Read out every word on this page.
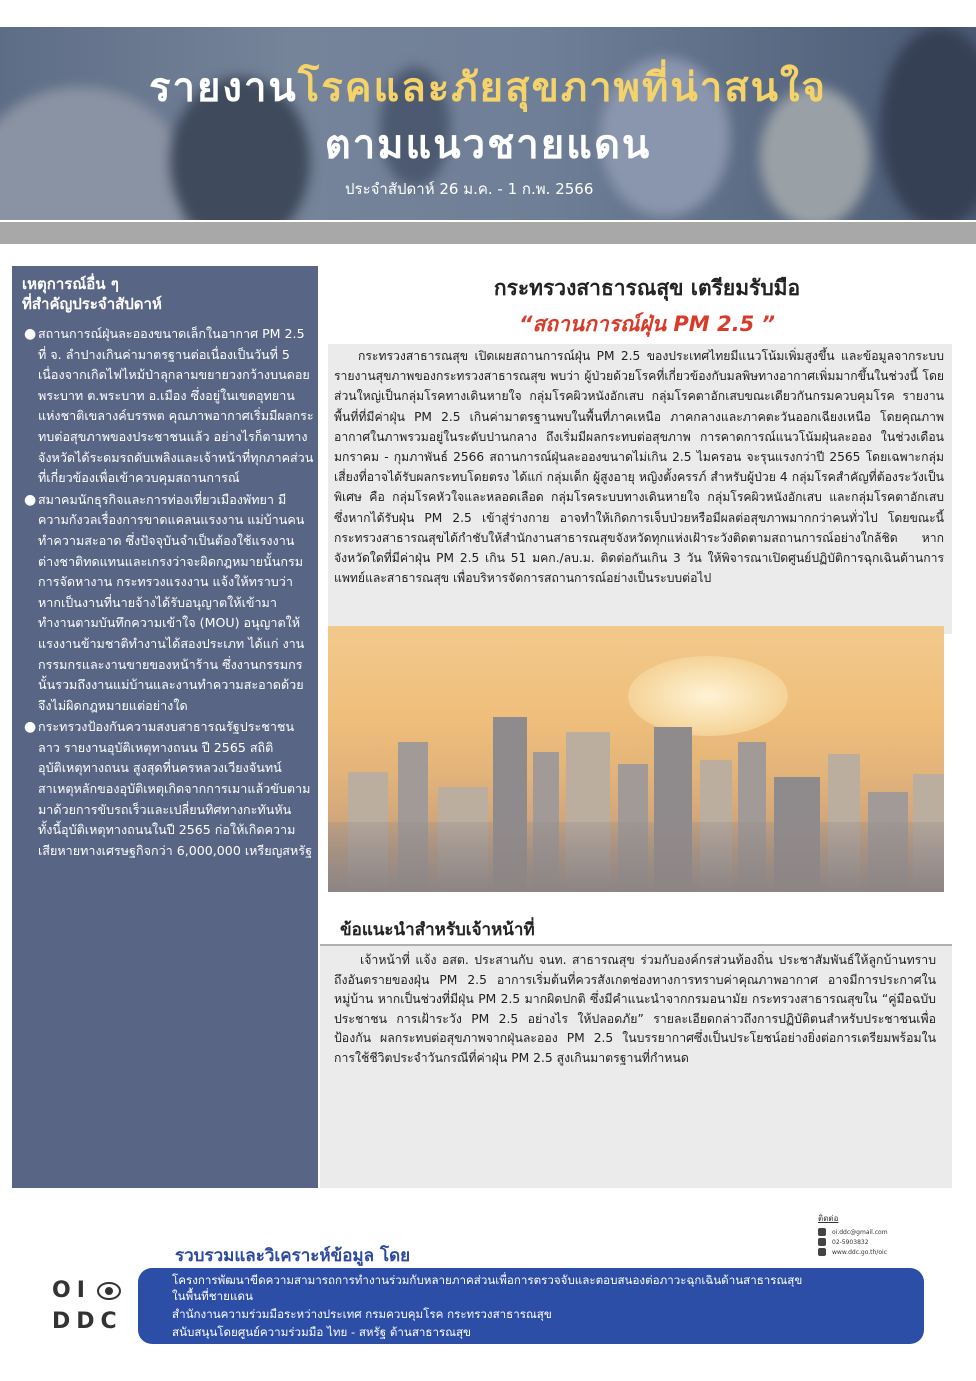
รายงานโรคและภัยสุขภาพที่น่าสนใจ
ตามแนวชายแดน
ประจำสัปดาห์ 26 ม.ค. - 1 ก.พ. 2566
เหตุการณ์อื่น ๆ
ที่สำคัญประจำสัปดาห์
● สถานการณ์ฝุ่นละอองขนาดเล็กในอากาศ PM 2.5 ที่ จ. ลำปางเกินค่ามาตรฐานต่อเนื่องเป็นวันที่ 5 เนื่องจากเกิดไฟไหม้ป่าลุกลามขยายวงกว้างบนดอยพระบาท ต.พระบาท อ.เมือง ซึ่งอยู่ในเขตอุทยานแห่งชาติเขลางค์บรรพต คุณภาพอากาศเริ่มมีผลกระทบต่อสุขภาพของประชาชนแล้ว อย่างไรก็ตามทางจังหวัดได้ระดมรถดับเพลิงและเจ้าหน้าที่ทุกภาคส่วนที่เกี่ยวข้องเพื่อเข้าควบคุมสถานการณ์
● สมาคมนักธุรกิจและการท่องเที่ยวเมืองพัทยา มีความกังวลเรื่องการขาดแคลนแรงงาน แม่บ้านคนทำความสะอาด ซึ่งปัจจุบันจำเป็นต้องใช้แรงงานต่างชาติทดแทนและเกรงว่าจะผิดกฎหมายนั้นกรมการจัดหางาน กระทรวงแรงงาน แจ้งให้ทราบว่าหากเป็นงานที่นายจ้างได้รับอนุญาตให้เข้ามาทำงานตามบันทึกความเข้าใจ (MOU) อนุญาตให้แรงงานข้ามชาติทำงานได้สองประเภท ได้แก่ งานกรรมกรและงานขายของหน้าร้าน ซึ่งงานกรรมกรนั้นรวมถึงงานแม่บ้านและงานทำความสะอาดด้วยจึงไม่ผิดกฎหมายแต่อย่างใด
● กระทรวงป้องกันความสงบสาธารณรัฐประชาชนลาว รายงานอุบัติเหตุทางถนน ปี 2565 สถิติอุบัติเหตุทางถนน สูงสุดที่นครหลวงเวียงจันทน์ สาเหตุหลักของอุบัติเหตุเกิดจากการเมาแล้วขับตามมาด้วยการขับรถเร็วและเปลี่ยนทิศทางกะทันหันทั้งนี้อุบัติเหตุทางถนนในปี 2565 ก่อให้เกิดความเสียหายทางเศรษฐกิจกว่า 6,000,000 เหรียญสหรัฐ
กระทรวงสาธารณสุข เตรียมรับมือ
“สถานการณ์ฝุ่น PM 2.5 ”

กระทรวงสาธารณสุข เปิดเผยสถานการณ์ฝุ่น PM 2.5 ของประเทศไทยมีแนวโน้มเพิ่มสูงขึ้น และข้อมูลจากระบบรายงานสุขภาพของกระทรวงสาธารณสุข พบว่า ผู้ป่วยด้วยโรคที่เกี่ยวข้องกับมลพิษทางอากาศเพิ่มมากขึ้นในช่วงนี้ โดยส่วนใหญ่เป็นกลุ่มโรคทางเดินหายใจ กลุ่มโรคผิวหนังอักเสบ กลุ่มโรคตาอักเสบขณะเดียวกันกรมควบคุมโรค รายงานพื้นที่ที่มีค่าฝุ่น PM 2.5 เกินค่ามาตรฐานพบในพื้นที่ภาคเหนือ ภาคกลางและภาคตะวันออกเฉียงเหนือ โดยคุณภาพอากาศในภาพรวมอยู่ในระดับปานกลาง ถึงเริ่มมีผลกระทบต่อสุขภาพ การคาดการณ์แนวโน้มฝุ่นละออง ในช่วงเดือนมกราคม - กุมภาพันธ์ 2566 สถานการณ์ฝุ่นละอองขนาดไม่เกิน 2.5 ไมครอน จะรุนแรงกว่าปี 2565 โดยเฉพาะกลุ่มเสี่ยงที่อาจได้รับผลกระทบโดยตรง ได้แก่ กลุ่มเด็ก ผู้สูงอายุ หญิงตั้งครรภ์ สำหรับผู้ป่วย 4 กลุ่มโรคสำคัญที่ต้องระวังเป็นพิเศษ คือ กลุ่มโรคหัวใจและหลอดเลือด กลุ่มโรคระบบทางเดินหายใจ กลุ่มโรคผิวหนังอักเสบ และกลุ่มโรคตาอักเสบ ซึ่งหากได้รับฝุ่น PM 2.5 เข้าสู่ร่างกาย อาจทำให้เกิดการเจ็บป่วยหรือมีผลต่อสุขภาพมากกว่าคนทั่วไป โดยขณะนี้กระทรวงสาธารณสุขได้กำชับให้สำนักงานสาธารณสุขจังหวัดทุกแห่งเฝ้าระวังติดตามสถานการณ์อย่างใกล้ชิด หากจังหวัดใดที่มีค่าฝุ่น PM 2.5 เกิน 51 มคก./ลบ.ม. ติดต่อกันเกิน 3 วัน ให้พิจารณาเปิดศูนย์ปฏิบัติการฉุกเฉินด้านการแพทย์และสาธารณสุข เพื่อบริหารจัดการสถานการณ์อย่างเป็นระบบต่อไป

ข้อแนะนำสำหรับเจ้าหน้าที่

เจ้าหน้าที่ แจ้ง อสต. ประสานกับ จนท. สาธารณสุข ร่วมกับองค์กรส่วนท้องถิ่น ประชาสัมพันธ์ให้ลูกบ้านทราบถึงอันตรายของฝุ่น PM 2.5 อาการเริ่มต้นที่ควรสังเกตช่องทางการทราบค่าคุณภาพอากาศ อาจมีการประกาศในหมู่บ้าน หากเป็นช่วงที่มีฝุ่น PM 2.5 มากผิดปกติ ซึ่งมีคำแนะนำจากกรมอนามัย กระทรวงสาธารณสุขใน “คู่มือฉบับประชาชน การเฝ้าระวัง PM 2.5 อย่างไร ให้ปลอดภัย” รายละเอียดกล่าวถึงการปฏิบัติตนสำหรับประชาชนเพื่อป้องกัน ผลกระทบต่อสุขภาพจากฝุ่นละออง PM 2.5 ในบรรยากาศซึ่งเป็นประโยชน์อย่างยิ่งต่อการเตรียมพร้อมในการใช้ชีวิตประจำวันกรณีที่ค่าฝุ่น PM 2.5 สูงเกินมาตรฐานที่กำหนด

ติดต่อ
oi.ddc@gmail.com
02-5903832
www.ddc.go.th/oic
รวบรวมและวิเคราะห์ข้อมูล โดย
OI
DDC
โครงการพัฒนาขีดความสามารถการทำงานร่วมกับหลายภาคส่วนเพื่อการตรวจจับและตอบสนองต่อภาวะฉุกเฉินด้านสาธารณสุข
ในพื้นที่ชายแดน
สำนักงานความร่วมมือระหว่างประเทศ กรมควบคุมโรค กระทรวงสาธารณสุข
สนับสนุนโดยศูนย์ความร่วมมือ ไทย - สหรัฐ ด้านสาธารณสุข
